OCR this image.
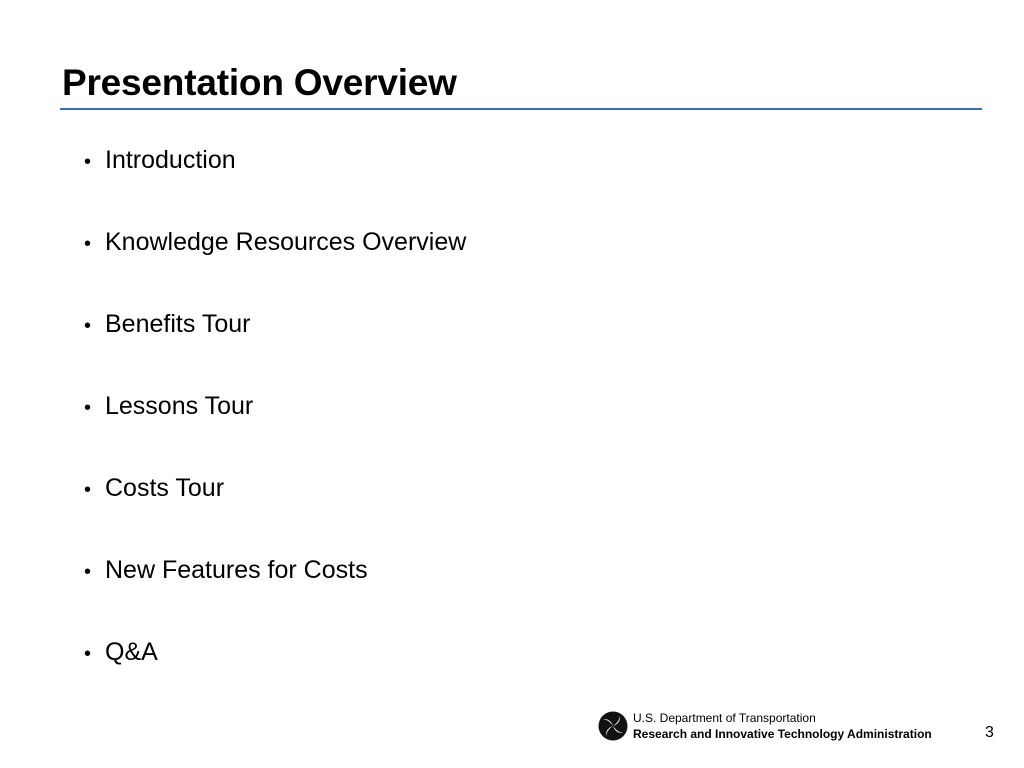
Presentation Overview
• Introduction
• Knowledge Resources Overview
• Benefits Tour
• Lessons Tour
• Costs Tour
• New Features for Costs
• Q&A
U.S. Department of Transportation
Research and Innovative Technology Administration	3
